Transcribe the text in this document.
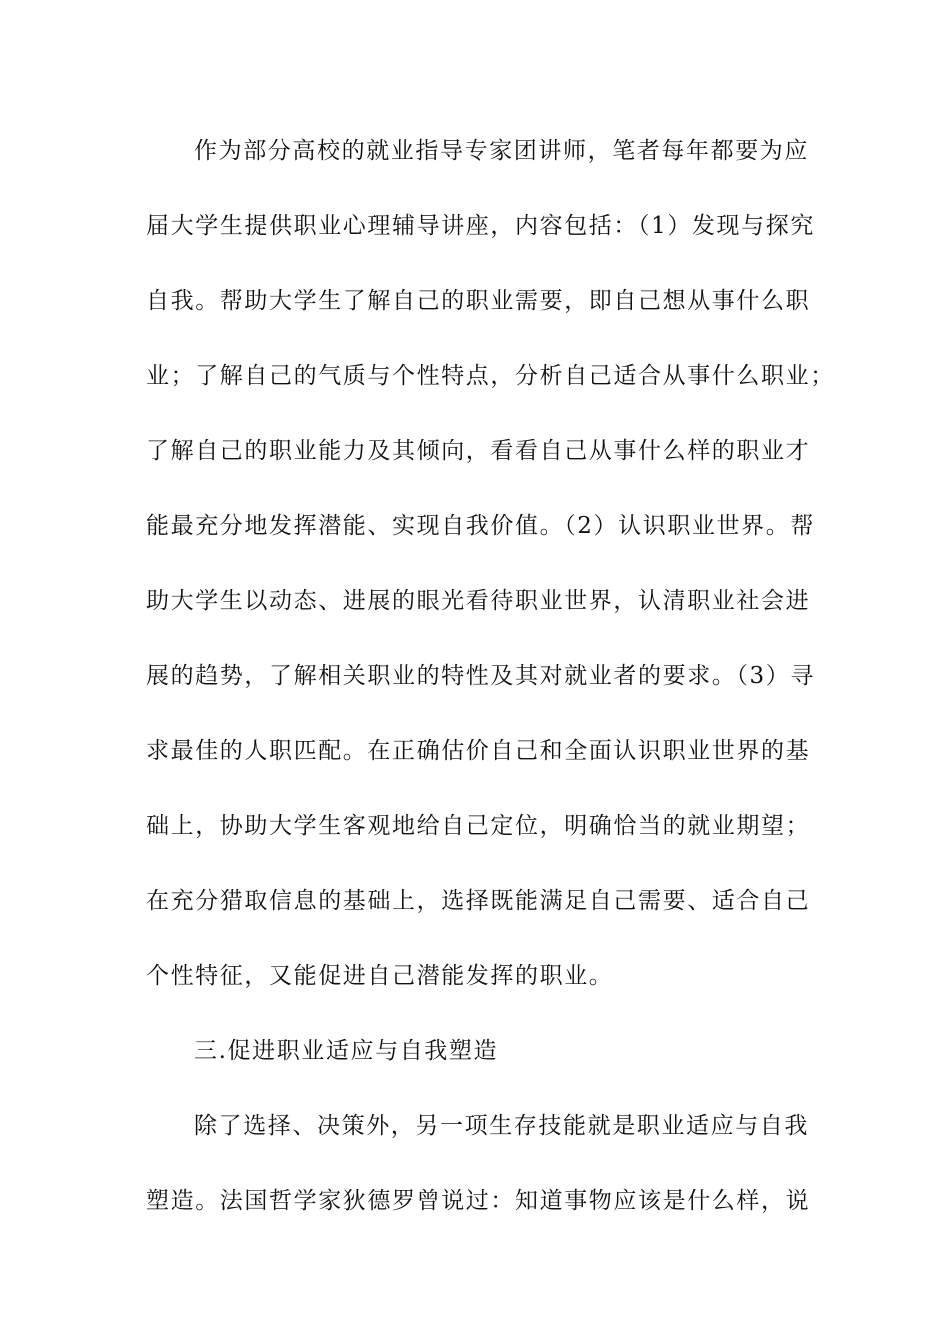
作为部分高校的就业指导专家团讲师，笔者每年都要为应
届大学生提供职业心理辅导讲座，内容包括：（1）发现与探究
自我。帮助大学生了解自己的职业需要，即自己想从事什么职
业；了解自己的气质与个性特点，分析自己适合从事什么职业；
了解自己的职业能力及其倾向，看看自己从事什么样的职业才
能最充分地发挥潜能、实现自我价值。（2）认识职业世界。帮
助大学生以动态、进展的眼光看待职业世界，认清职业社会进
展的趋势，了解相关职业的特性及其对就业者的要求。（3）寻
求最佳的人职匹配。在正确估价自己和全面认识职业世界的基
础上，协助大学生客观地给自己定位，明确恰当的就业期望；
在充分猎取信息的基础上，选择既能满足自己需要、适合自己
个性特征，又能促进自己潜能发挥的职业。
三.促进职业适应与自我塑造
除了选择、决策外，另一项生存技能就是职业适应与自我
塑造。法国哲学家狄德罗曾说过：知道事物应该是什么样，说
